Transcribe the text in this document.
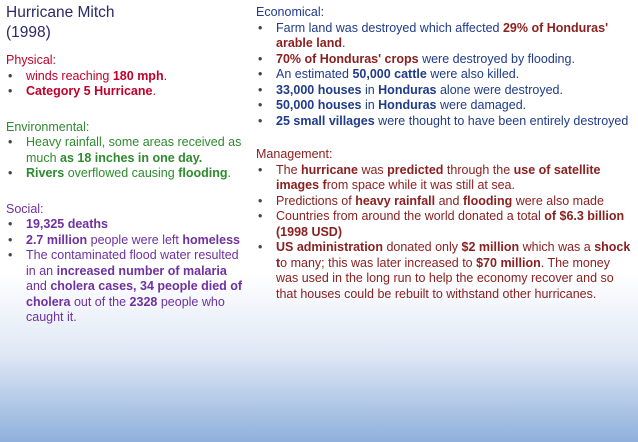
Hurricane Mitch
(1998)
Physical:
• winds reaching 180 mph.
• Category 5 Hurricane.
Environmental:
• Heavy rainfall, some areas received as much as 18 inches in one day.
• Rivers overflowed causing flooding.
Social:
• 19,325 deaths
• 2.7 million people were left homeless
• The contaminated flood water resulted in an increased number of malaria and cholera cases, 34 people died of cholera out of the 2328 people who caught it.
Economical:
• Farm land was destroyed which affected 29% of Honduras' arable land.
• 70% of Honduras' crops were destroyed by flooding.
• An estimated 50,000 cattle were also killed.
• 33,000 houses in Honduras alone were destroyed.
• 50,000 houses in Honduras were damaged.
• 25 small villages were thought to have been entirely destroyed
Management:
• The hurricane was predicted through the use of satellite images from space while it was still at sea.
• Predictions of heavy rainfall and flooding were also made
• Countries from around the world donated a total of $6.3 billion (1998 USD)
• US administration donated only $2 million which was a shock to many; this was later increased to $70 million. The money was used in the long run to help the economy recover and so that houses could be rebuilt to withstand other hurricanes.
